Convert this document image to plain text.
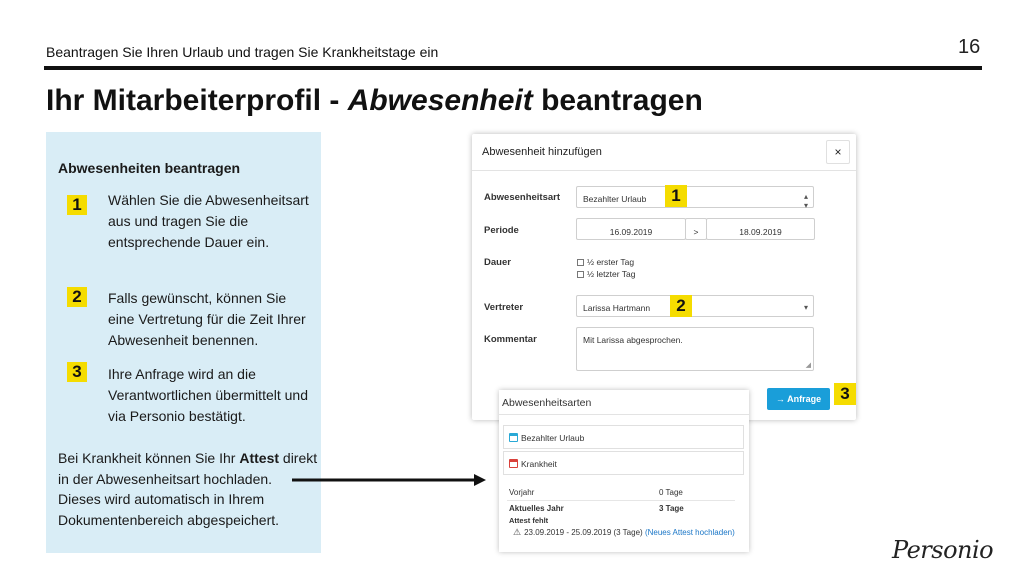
Beantragen Sie Ihren Urlaub und tragen Sie Krankheitstage ein	16
Ihr Mitarbeiterprofil - Abwesenheit beantragen
Abwesenheiten beantragen
1	Wählen Sie die Abwesenheitsart aus und tragen Sie die entsprechende Dauer ein.
2	Falls gewünscht, können Sie eine Vertretung für die Zeit Ihrer Abwesenheit benennen.
3	Ihre Anfrage wird an die Verantwortlichen übermittelt und via Personio bestätigt.
Bei Krankheit können Sie Ihr Attest direkt in der Abwesenheitsart hochladen. Dieses wird automatisch in Ihrem Dokumentenbereich abgespeichert.
Abwesenheit hinzufügen	×
Abwesenheitsart	Bezahlter Urlaub	▴
▾
Periode	16.09.2019	>	18.09.2019
Dauer	½ erster Tag
½ letzter Tag
Vertreter	Larissa Hartmann	▾
Kommentar	Mit Larissa abgesprochen.
◢
→ Anfrage
Abwesenheitsarten
Bezahlter Urlaub
Krankheit
Vorjahr	0 Tage
Aktuelles Jahr	3 Tage
Attest fehlt
⚠ 23.09.2019 - 25.09.2019 (3 Tage) (Neues Attest hochladen)
1
2
3
Personio
